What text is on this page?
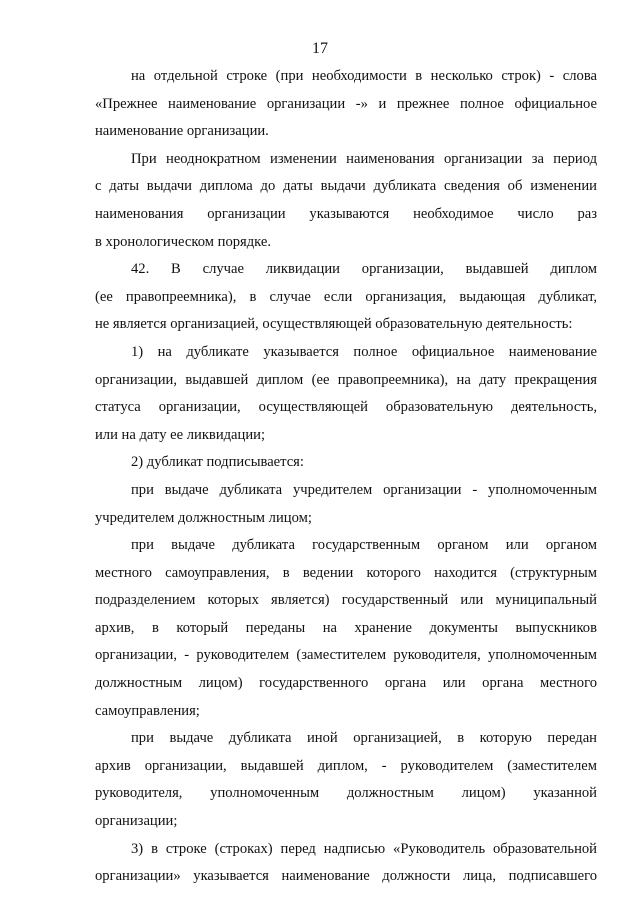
17
на отдельной строке (при необходимости в несколько строк) - слова
«Прежнее наименование организации -» и прежнее полное официальное
наименование организации.
При неоднократном изменении наименования организации за период
с даты выдачи диплома до даты выдачи дубликата сведения об изменении
наименования организации указываются необходимое число раз
в хронологическом порядке.
42. В случае ликвидации организации, выдавшей диплом
(ее правопреемника), в случае если организация, выдающая дубликат,
не является организацией, осуществляющей образовательную деятельность:
1) на дубликате указывается полное официальное наименование
организации, выдавшей диплом (ее правопреемника), на дату прекращения
статуса организации, осуществляющей образовательную деятельность,
или на дату ее ликвидации;
2) дубликат подписывается:
при выдаче дубликата учредителем организации - уполномоченным
учредителем должностным лицом;
при выдаче дубликата государственным органом или органом
местного самоуправления, в ведении которого находится (структурным
подразделением которых является) государственный или муниципальный
архив, в который переданы на хранение документы выпускников
организации, - руководителем (заместителем руководителя, уполномоченным
должностным лицом) государственного органа или органа местного
самоуправления;
при выдаче дубликата иной организацией, в которую передан
архив организации, выдавшей диплом, - руководителем (заместителем
руководителя, уполномоченным должностным лицом) указанной
организации;
3) в строке (строках) перед надписью «Руководитель образовательной
организации» указывается наименование должности лица, подписавшего
